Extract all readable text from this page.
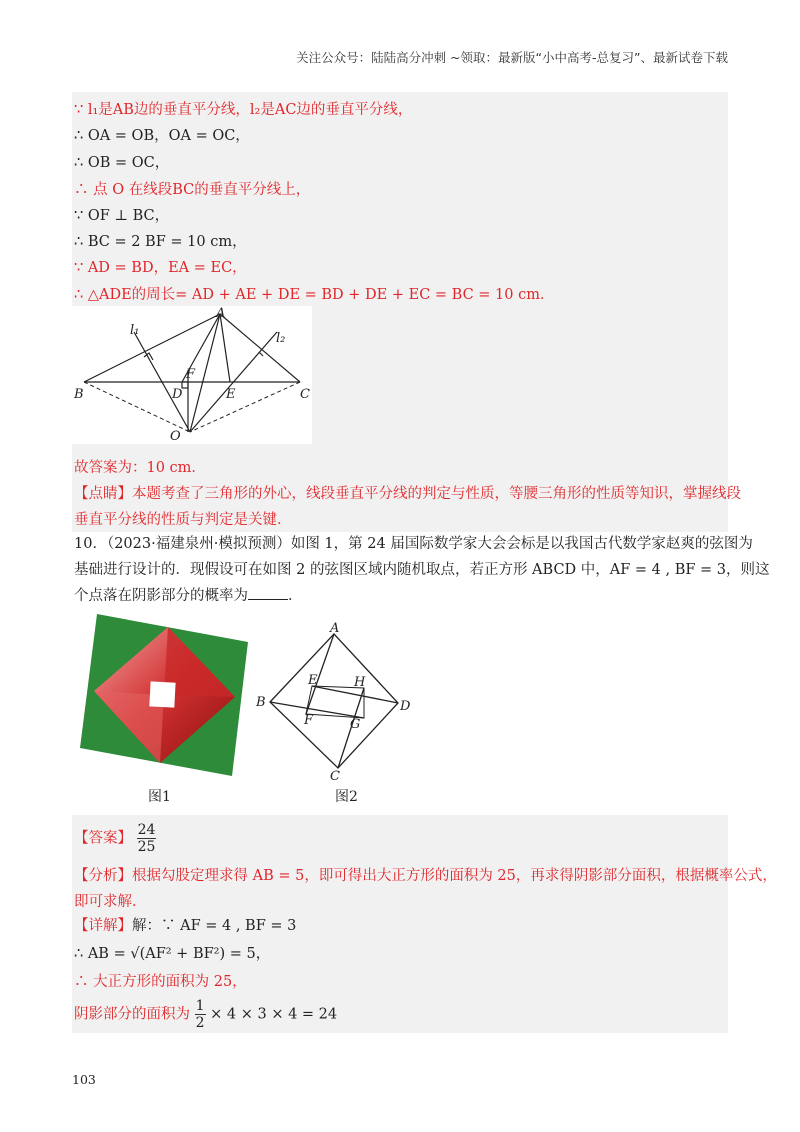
关注公众号：陆陆高分冲刺 ~领取：最新版“小中高考-总复习”、最新试卷下载
∵ l₁是AB边的垂直平分线，l₂是AC边的垂直平分线，
∴ OA = OB，OA = OC，
∴ OB = OC，
∴ 点 O 在线段BC的垂直平分线上，
∵ OF ⊥ BC，
∴ BC = 2 BF = 10 cm，
∵ AD = BD，EA = EC，
∴ △ADE的周长= AD + AE + DE = BD + DE + EC = BC = 10 cm．
A
B	C
D	E
F
O
l₁
l₂
故答案为：10 cm．
【点睛】本题考查了三角形的外心，线段垂直平分线的判定与性质，等腰三角形的性质等知识，掌握线段
垂直平分线的性质与判定是关键．
10．（2023·福建泉州·模拟预测）如图 1，第 24 届国际数学家大会会标是以我国古代数学家赵爽的弦图为
基础进行设计的．现假设可在如图 2 的弦图区域内随机取点，若正方形 ABCD 中，AF = 4 , BF = 3，则这
个点落在阴影部分的概率为	．
图1
A
B
C
D
E
F	G
H
图2
【答案】 $\frac{24}{25}$
【分析】根据勾股定理求得 AB = 5，即可得出大正方形的面积为 25，再求得阴影部分面积，根据概率公式，
即可求解．
【详解】解：∵ AF = 4 , BF = 3
∴ AB = √(AF² + BF²) = 5，
∴ 大正方形的面积为 25，
阴影部分的面积为 $\frac{1}{2} \times 4 \times 3 \times 4 = 24$
103
